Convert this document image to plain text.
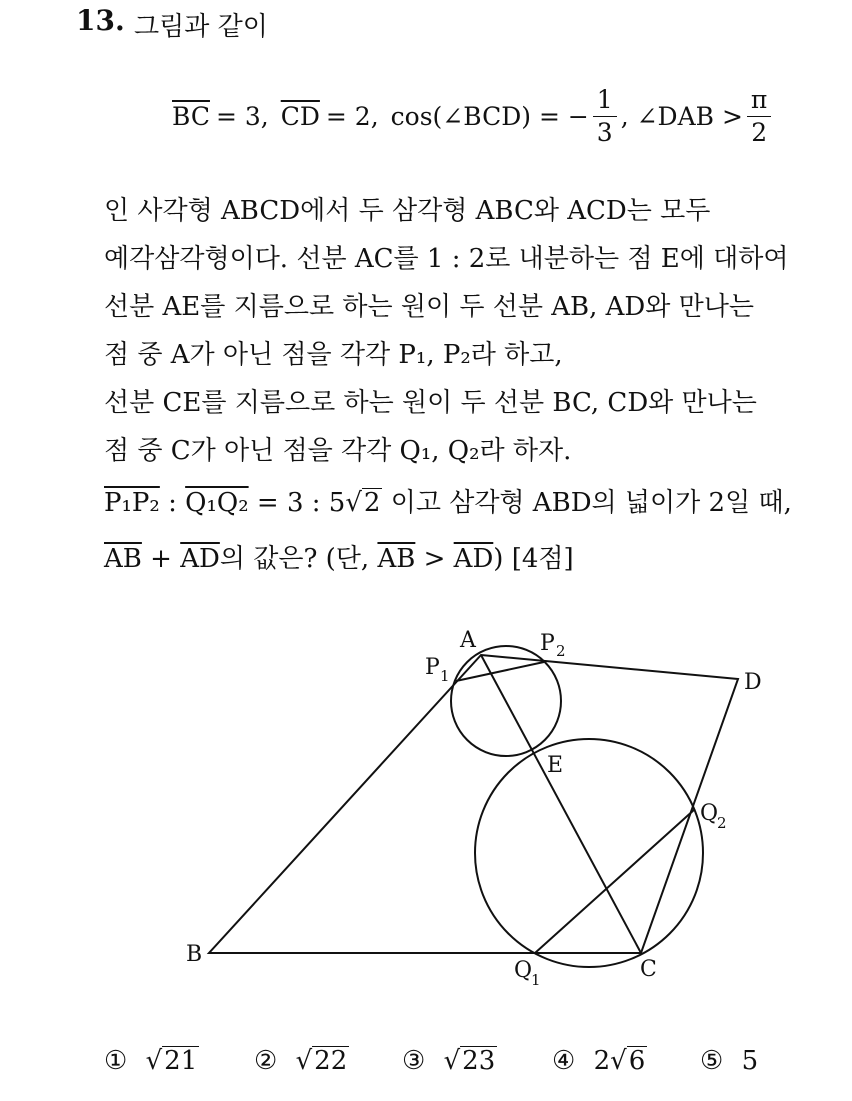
13. 그림과 같이
$\overline{BC} = 3$, $\overline{CD} = 2$, cos(∠BCD) = − $\frac{1}{3}$ , ∠DAB > $\frac{\pi}{2}$
인 사각형 ABCD에서 두 삼각형 ABC와 ACD는 모두
예각삼각형이다. 선분 AC를 1 : 2로 내분하는 점 E에 대하여
선분 AE를 지름으로 하는 원이 두 선분 AB, AD와 만나는
점 중 A가 아닌 점을 각각 P₁, P₂라 하고,
선분 CE를 지름으로 하는 원이 두 선분 BC, CD와 만나는
점 중 C가 아닌 점을 각각 Q₁, Q₂라 하자.
P₁P₂ : Q₁Q₂ = 3 : 5√2 이고 삼각형 ABD의 넓이가 2일 때,
$\overline{AB} + \overline{AD}$의 값은? (단, $\overline{AB} > \overline{AD}$) [4점]
A	P 2
P 1	D
E
Q
2
B
Q
1	C
① √21 ② √22 ③ √23 ④ 2√6 ⑤ 5
